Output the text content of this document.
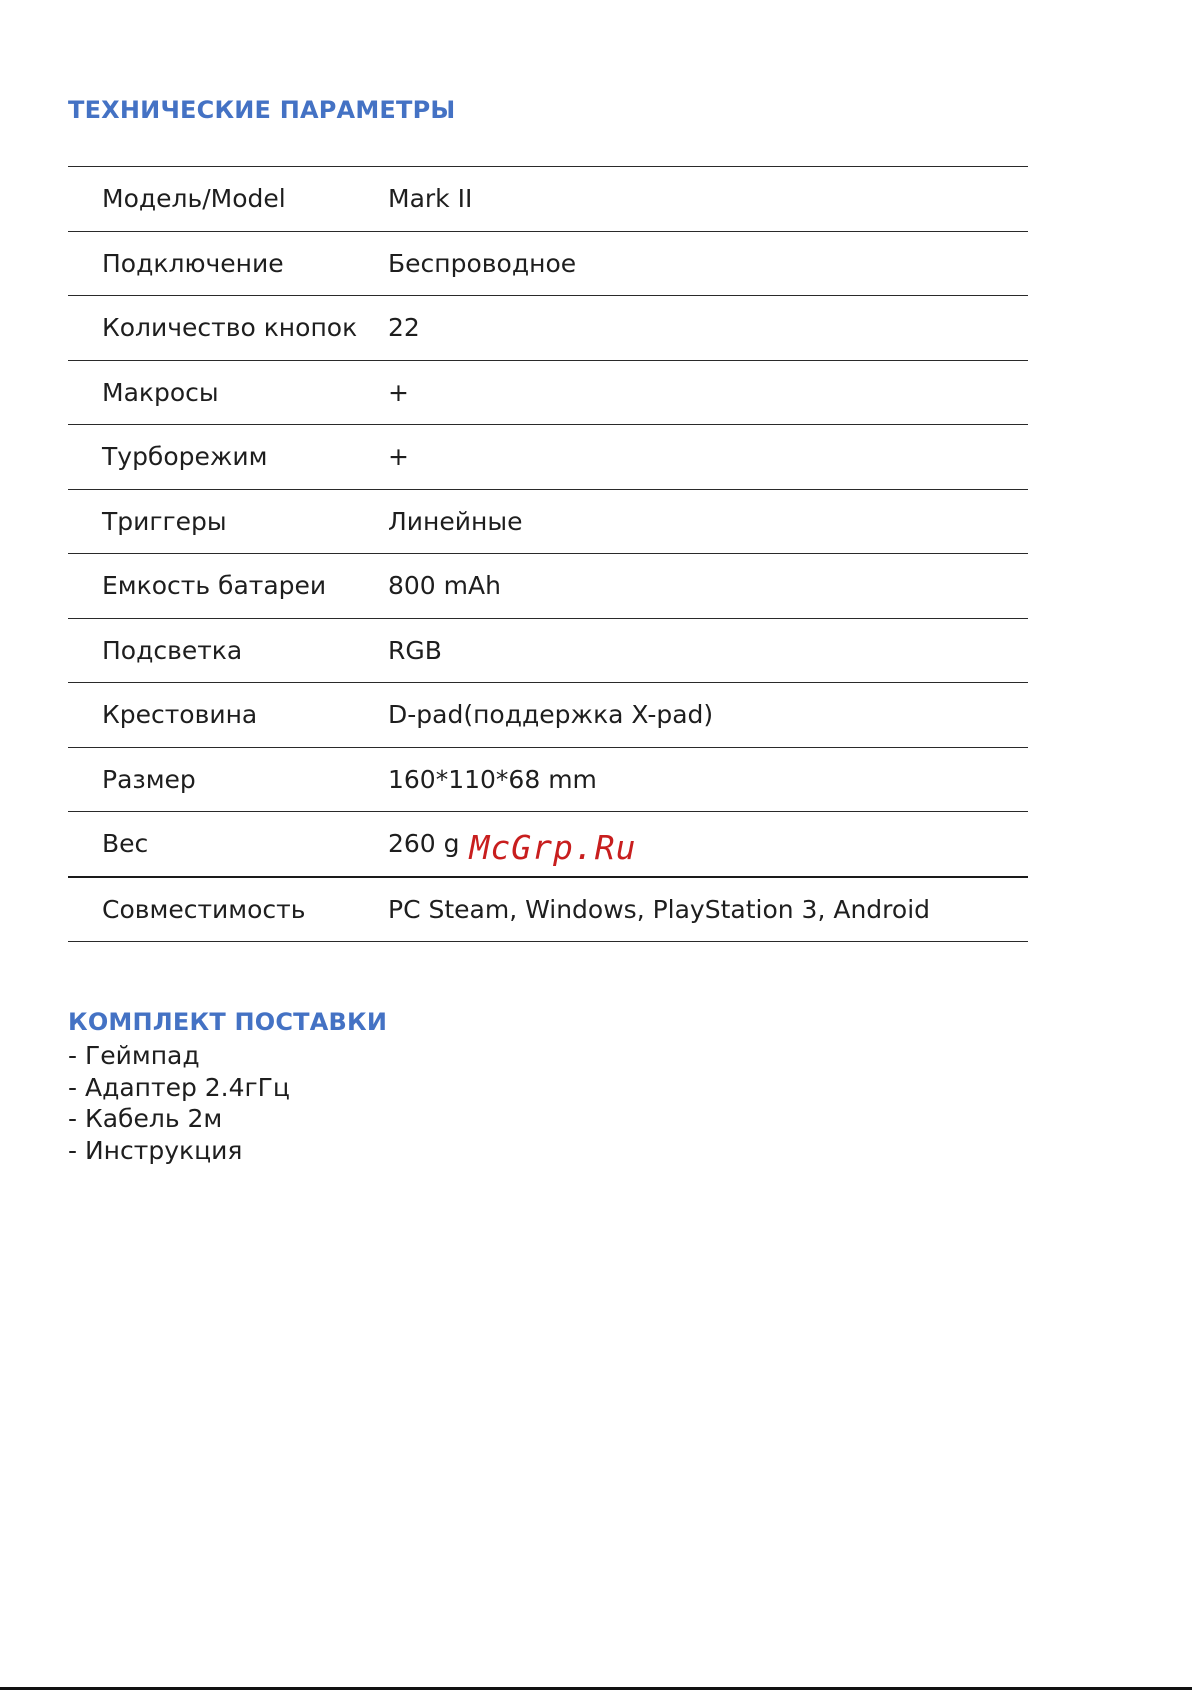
ТЕХНИЧЕСКИЕ ПАРАМЕТРЫ
Модель/Model	Mark II
Подключение	Беспроводное
Количество кнопок	22
Макросы	+
Турборежим	+
Триггеры	Линейные
Емкость батареи	800 mAh
Подсветка	RGB
Крестовина	D-pad(поддержка X-pad)
Размер	160*110*68 mm
Вес	260 g McGrp.Ru
Совместимость	PC Steam, Windows, PlayStation 3, Android
КОМПЛЕКТ ПОСТАВКИ
- Геймпад
- Адаптер 2.4гГц
- Кабель 2м
- Инструкция
